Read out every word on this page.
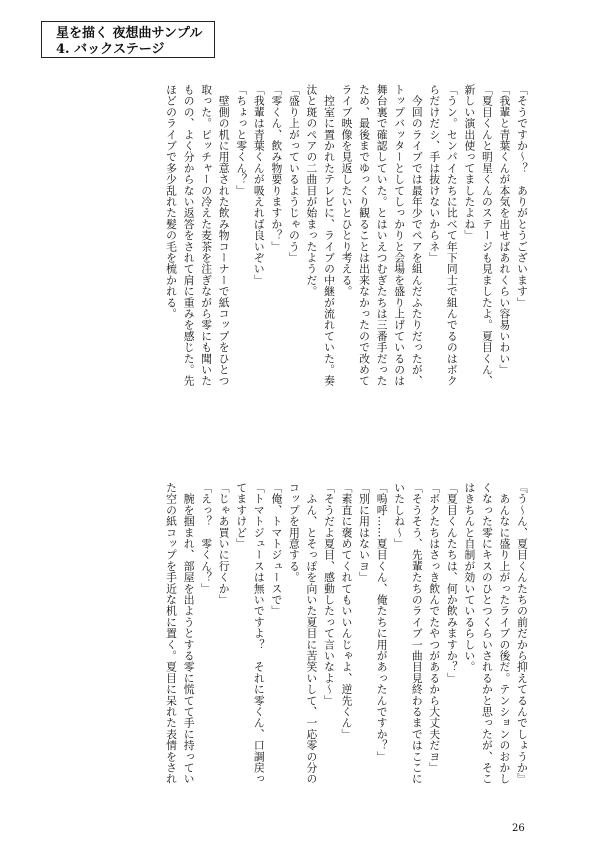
星を描く 夜想曲サンプル
4. バックステージ
「そうですか～？　ありがとうございます」
「我輩と青葉くんが本気を出せばあれくらい容易いわい」
「夏目くんと明星くんのステージも見ましたよ。夏目くん、
新しい演出使ってましたよね」
「うン。センパイたちに比べて年下同士で組んでるのはボク
らだけだシ、手は抜けないからネ」
　今回のライブでは最年少でペアを組んだふたりだったが、
トップバッターとしてしっかりと会場を盛り上げているのは
舞台裏で確認していた。とはいえつむぎたちは三番手だった
ため、最後までゆっくり観ることは出来なかったので改めて
ライブ映像を見返したいとひとり考える。
　控室に置かれたテレビに、ライブの中継が流れていた。奏
汰と斑のペアの二曲目が始まったようだ。
「盛り上がっているようじゃのう」
「零くん、飲み物要りますか？」
「我輩は青葉くんが吸えれば良いぞい」
「ちょっと零くん？」
　壁側の机に用意された飲み物コーナーで紙コップをひとつ
取った。ピッチャーの冷えた麦茶を注ぎながら零にも聞いた
ものの、よく分からない返答をされて肩に重みを感じた。先
ほどのライブで多少乱れた髪の毛を梳かれる。
『う～ん、夏目くんたちの前だから抑えてるんでしょうか』
　あんなに盛り上がったライブの後だ。テンションのおかし
くなった零にキスのひとつくらいされるかと思ったが、そこ
はきちんと自制が効いているらしい。
「夏目くんたちは、何か飲みますか？」
「ボクたちはさっき飲んでたやつがあるから大丈夫だヨ」
「そうそう、先輩たちのライブ一曲目見終わるまではここに
いたしね～」
「嗚呼……夏目くん、俺たちに用があったんですか？」
「別に用はないヨ」
「素直に褒めてくれてもいいんじゃよ、逆先くん」
「そうだよ夏目、感動したって言いなよ～」
　ふん、とそっぽを向いた夏目に苦笑いして、一応零の分の
コップを用意する。
「俺、トマトジュースで」
「トマトジュースは無いですよ？　それに零くん、口調戻っ
てますけど」
「じゃあ買いに行くか」
「えっ？　零くん？」
　腕を掴まれ、部屋を出ようとする零に慌てて手に持ってい
た空の紙コップを手近な机に置く。夏目に呆れた表情をされ
26
